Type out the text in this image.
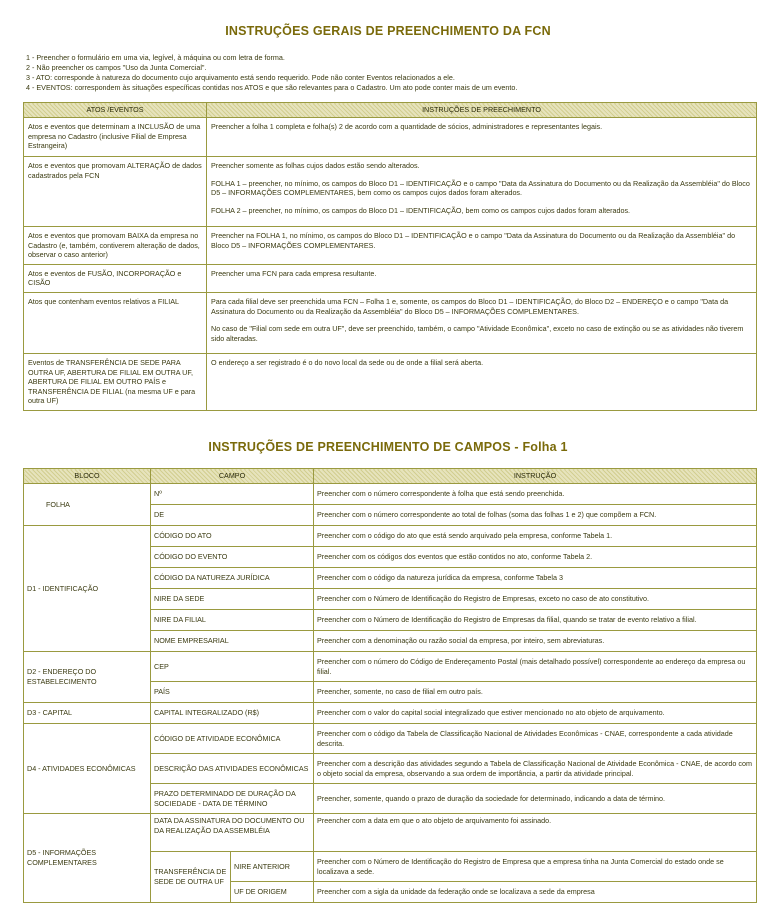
INSTRUÇÕES GERAIS DE PREENCHIMENTO DA FCN
1 - Preencher o formulário em uma via, legível, à máquina ou com letra de forma.
2 - Não preencher os campos "Uso da Junta Comercial".
3 - ATO: corresponde à natureza do documento cujo arquivamento está sendo requerido. Pode não conter Eventos relacionados a ele.
4 - EVENTOS: correspondem às situações específicas contidas nos ATOS e que são relevantes para o Cadastro. Um ato pode conter mais de um evento.
ATOS /EVENTOS	INSTRUÇÕES DE PREECHIMENTO
Atos e eventos que determinam a INCLUSÃO de uma empresa no Cadastro (inclusive Filial de Empresa Estrangeira)	Preencher a folha 1 completa e folha(s) 2 de acordo com a quantidade de sócios, administradores e representantes legais.

Atos e eventos que promovam ALTERAÇÃO de dados cadastrados pela FCN	Preencher somente as folhas cujos dados estão sendo alterados.

FOLHA 1 – preencher, no mínimo, os campos do Bloco D1 – IDENTIFICAÇÃO e o campo "Data da Assinatura do Documento ou da Realização da Assembléia" do Bloco D5 – INFORMAÇÕES COMPLEMENTARES, bem como os campos cujos dados foram alterados.

FOLHA 2 – preencher, no mínimo, os campos do Bloco D1 – IDENTIFICAÇÃO, bem como os campos cujos dados foram alterados.

Atos e eventos que promovam BAIXA da empresa no Cadastro (e, também, contiverem alteração de dados, observar o caso anterior)	Preencher na FOLHA 1, no mínimo, os campos do Bloco D1 – IDENTIFICAÇÃO e o campo "Data da Assinatura do Documento ou da Realização da Assembléia" do Bloco D5 – INFORMAÇÕES COMPLEMENTARES.

Atos e eventos de FUSÃO, INCORPORAÇÃO e CISÃO	Preencher uma FCN para cada empresa resultante.

Atos que contenham eventos relativos a FILIAL	Para cada filial deve ser preenchida uma FCN – Folha 1 e, somente, os campos do Bloco D1 – IDENTIFICAÇÃO, do Bloco D2 – ENDEREÇO e o campo "Data da Assinatura do Documento ou da Realização da Assembléia" do Bloco D5 – INFORMAÇÕES COMPLEMENTARES.

No caso de "Filial com sede em outra UF", deve ser preenchido, também, o campo "Atividade Econômica", exceto no caso de extinção ou se as atividades não tiverem sido alteradas.

Eventos de TRANSFERÊNCIA DE SEDE PARA OUTRA UF, ABERTURA DE FILIAL EM OUTRA UF, ABERTURA DE FILIAL EM OUTRO PAÍS e TRANSFERÊNCIA DE FILIAL (na mesma UF e para outra UF)	O endereço a ser registrado é o do novo local da sede ou de onde a filial será aberta.

INSTRUÇÕES DE PREENCHIMENTO DE CAMPOS - Folha 1
BLOCO	CAMPO		INSTRUÇÃO
FOLHA	Nº		Preencher com o número correspondente à folha que está sendo preenchida.
	DE		Preencher com o número correspondente ao total de folhas (soma das folhas 1 e 2) que compõem a FCN.
D1 - IDENTIFICAÇÃO	CÓDIGO DO ATO		Preencher com o código do ato que está sendo arquivado pela empresa, conforme Tabela 1.
	CÓDIGO DO EVENTO		Preencher com os códigos dos eventos que estão contidos no ato, conforme Tabela 2.
	CÓDIGO DA NATUREZA JURÍDICA		Preencher com o código da natureza jurídica da empresa, conforme Tabela 3
	NIRE DA SEDE		Preencher com o Número de Identificação do Registro de Empresas, exceto no caso de ato constitutivo.
	NIRE DA FILIAL		Preencher com o Número de Identificação do Registro de Empresas da filial, quando se tratar de evento relativo a filial.
	NOME EMPRESARIAL		Preencher com a denominação ou razão social da empresa, por inteiro, sem abreviaturas.
D2 - ENDEREÇO DO ESTABELECIMENTO	CEP		Preencher com o número do Código de Endereçamento Postal (mais detalhado possível) correspondente ao endereço da empresa ou filial.
	PAÍS		Preencher, somente, no caso de filial em outro país.
D3 - CAPITAL	CAPITAL INTEGRALIZADO (R$)		Preencher com o valor do capital social integralizado que estiver mencionado no ato objeto de arquivamento.
D4 - ATIVIDADES ECONÔMICAS	CÓDIGO DE ATIVIDADE ECONÔMICA		Preencher com o código da Tabela de Classificação Nacional de Atividades Econômicas - CNAE, correspondente a cada atividade descrita.
	DESCRIÇÃO DAS ATIVIDADES ECONÔMICAS		Preencher com a descrição das atividades segundo a Tabela de Classificação Nacional de Atividade Econômica - CNAE, de acordo com o objeto social da empresa, observando a sua ordem de importância, a partir da atividade principal.
	PRAZO DETERMINADO DE DURAÇÃO DA SOCIEDADE - DATA DE TÉRMINO		Preencher, somente, quando o prazo de duração da sociedade for determinado, indicando a data de término.
D5 - INFORMAÇÕES COMPLEMENTARES	DATA DA ASSINATURA DO DOCUMENTO OU DA REALIZAÇÃO DA ASSEMBLÉIA		Preencher com a data em que o ato objeto de arquivamento foi assinado.
	TRANSFERÊNCIA DE SEDE DE OUTRA UF	NIRE ANTERIOR	Preencher com o Número de Identificação do Registro de Empresa que a empresa tinha na Junta Comercial do estado onde se localizava a sede.
		UF DE ORIGEM	Preencher com a sigla da unidade da federação onde se localizava a sede da empresa
